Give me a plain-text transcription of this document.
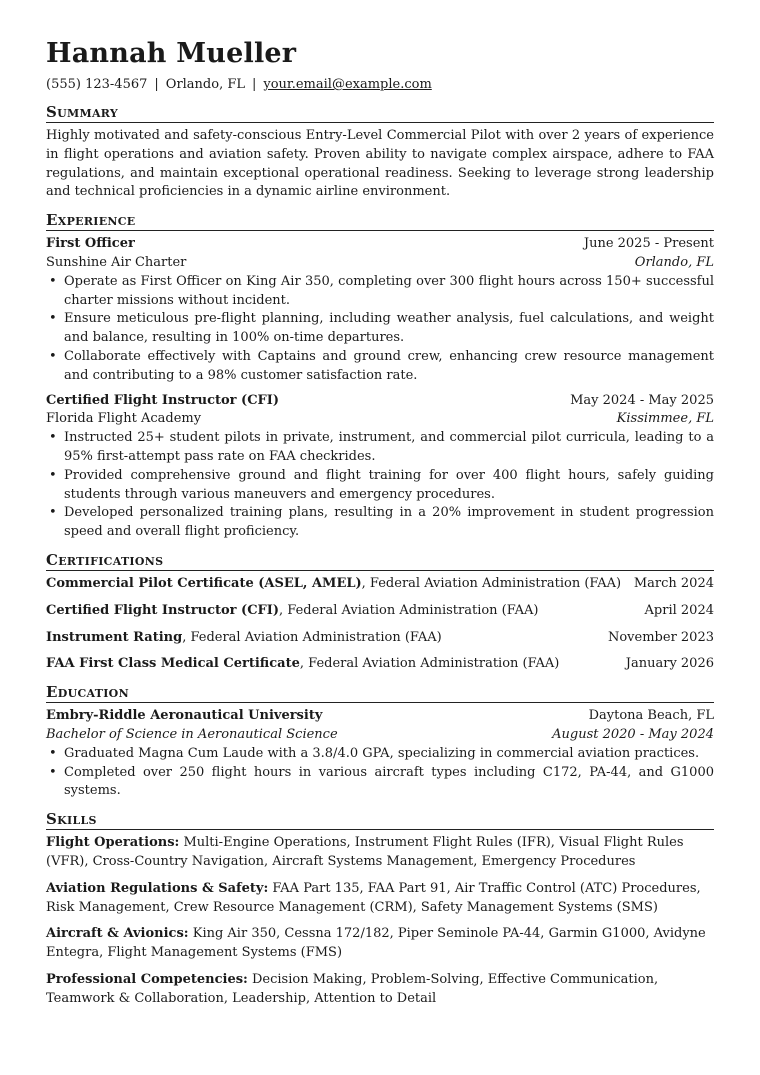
Hannah Mueller
(555) 123-4567 | Orlando, FL | your.email@example.com
Summary
Highly motivated and safety-conscious Entry-Level Commercial Pilot with over 2 years of experience in flight operations and aviation safety. Proven ability to navigate complex airspace, adhere to FAA regulations, and maintain exceptional operational readiness. Seeking to leverage strong leadership and technical proficiencies in a dynamic airline environment.
Experience
First Officer	June 2025 - Present
Sunshine Air Charter	Orlando, FL
• Operate as First Officer on King Air 350, completing over 300 flight hours across 150+ successful charter missions without incident.
• Ensure meticulous pre-flight planning, including weather analysis, fuel calculations, and weight and balance, resulting in 100% on-time departures.
• Collaborate effectively with Captains and ground crew, enhancing crew resource management and contributing to a 98% customer satisfaction rate.
Certified Flight Instructor (CFI)	May 2024 - May 2025
Florida Flight Academy	Kissimmee, FL
• Instructed 25+ student pilots in private, instrument, and commercial pilot curricula, leading to a 95% first-attempt pass rate on FAA checkrides.
• Provided comprehensive ground and flight training for over 400 flight hours, safely guiding students through various maneuvers and emergency procedures.
• Developed personalized training plans, resulting in a 20% improvement in student progression speed and overall flight proficiency.
Certifications
Commercial Pilot Certificate (ASEL, AMEL), Federal Aviation Administration (FAA) March 2024
Certified Flight Instructor (CFI), Federal Aviation Administration (FAA)	April 2024
Instrument Rating, Federal Aviation Administration (FAA)	November 2023
FAA First Class Medical Certificate, Federal Aviation Administration (FAA)	January 2026
Education
Embry-Riddle Aeronautical University	Daytona Beach, FL
Bachelor of Science in Aeronautical Science	August 2020 - May 2024
• Graduated Magna Cum Laude with a 3.8/4.0 GPA, specializing in commercial aviation practices.
• Completed over 250 flight hours in various aircraft types including C172, PA-44, and G1000 systems.
Skills
Flight Operations: Multi-Engine Operations, Instrument Flight Rules (IFR), Visual Flight Rules (VFR), Cross-Country Navigation, Aircraft Systems Management, Emergency Procedures
Aviation Regulations & Safety: FAA Part 135, FAA Part 91, Air Traffic Control (ATC) Procedures, Risk Management, Crew Resource Management (CRM), Safety Management Systems (SMS)
Aircraft & Avionics: King Air 350, Cessna 172/182, Piper Seminole PA-44, Garmin G1000, Avidyne Entegra, Flight Management Systems (FMS)
Professional Competencies: Decision Making, Problem-Solving, Effective Communication, Teamwork & Collaboration, Leadership, Attention to Detail
